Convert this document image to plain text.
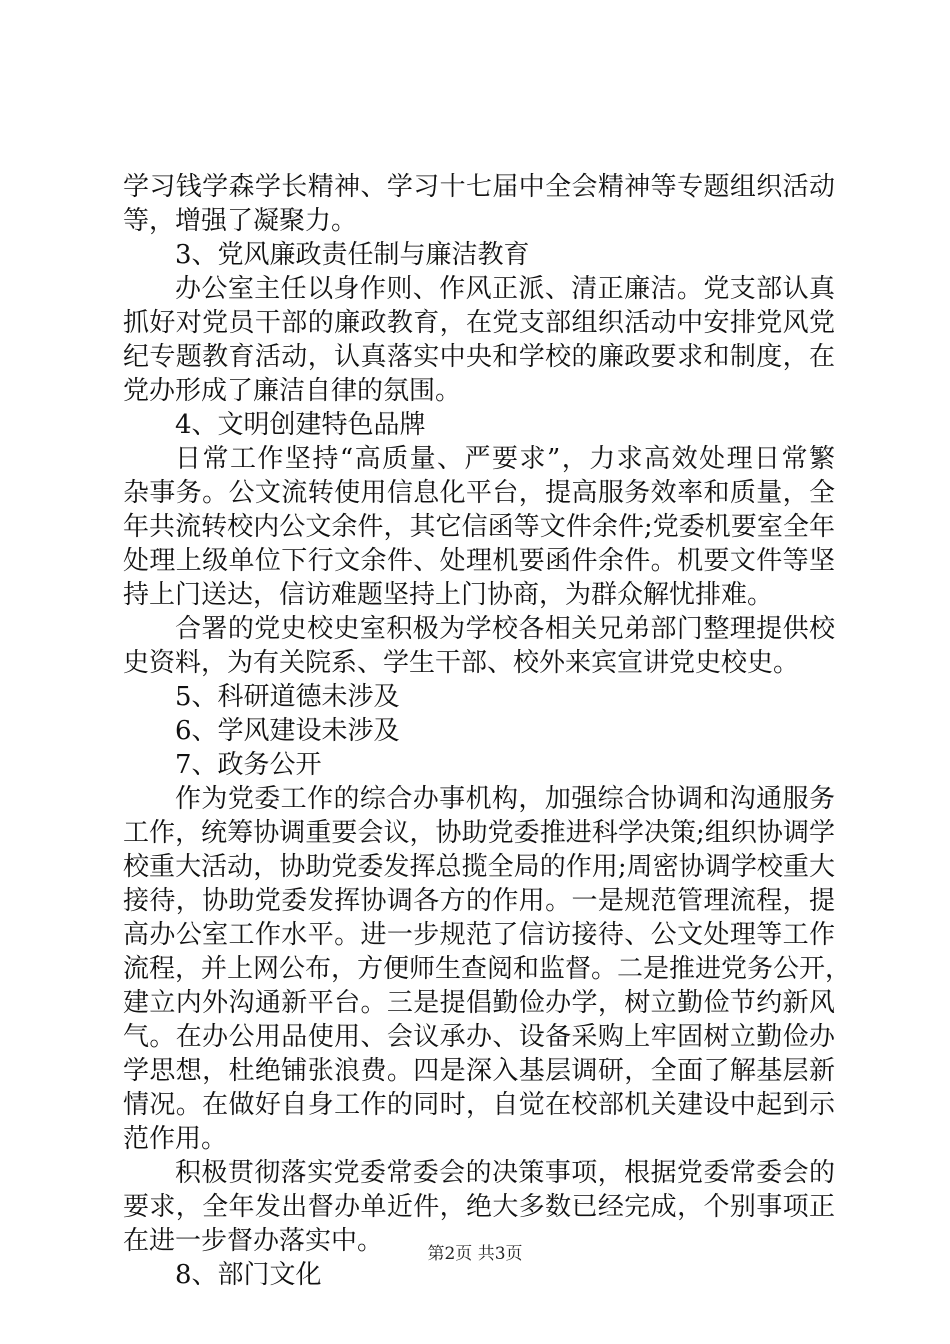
学习钱学森学长精神、学习十七届中全会精神等专题组织活动
等，增强了凝聚力。
3、党风廉政责任制与廉洁教育
办公室主任以身作则、作风正派、清正廉洁。党支部认真
抓好对党员干部的廉政教育，在党支部组织活动中安排党风党
纪专题教育活动，认真落实中央和学校的廉政要求和制度，在
党办形成了廉洁自律的氛围。
4、文明创建特色品牌
日常工作坚持“高质量、严要求”，力求高效处理日常繁
杂事务。公文流转使用信息化平台，提高服务效率和质量，全
年共流转校内公文余件，其它信函等文件余件;党委机要室全年
处理上级单位下行文余件、处理机要函件余件。机要文件等坚
持上门送达，信访难题坚持上门协商，为群众解忧排难。
合署的党史校史室积极为学校各相关兄弟部门整理提供校
史资料，为有关院系、学生干部、校外来宾宣讲党史校史。
5、科研道德未涉及
6、学风建设未涉及
7、政务公开
作为党委工作的综合办事机构，加强综合协调和沟通服务
工作，统筹协调重要会议，协助党委推进科学决策;组织协调学
校重大活动，协助党委发挥总揽全局的作用;周密协调学校重大
接待，协助党委发挥协调各方的作用。一是规范管理流程，提
高办公室工作水平。进一步规范了信访接待、公文处理等工作
流程，并上网公布，方便师生查阅和监督。二是推进党务公开，
建立内外沟通新平台。三是提倡勤俭办学，树立勤俭节约新风
气。在办公用品使用、会议承办、设备采购上牢固树立勤俭办
学思想，杜绝铺张浪费。四是深入基层调研，全面了解基层新
情况。在做好自身工作的同时，自觉在校部机关建设中起到示
范作用。
积极贯彻落实党委常委会的决策事项，根据党委常委会的
要求，全年发出督办单近件，绝大多数已经完成，个别事项正
在进一步督办落实中。
8、部门文化
第2页 共3页
